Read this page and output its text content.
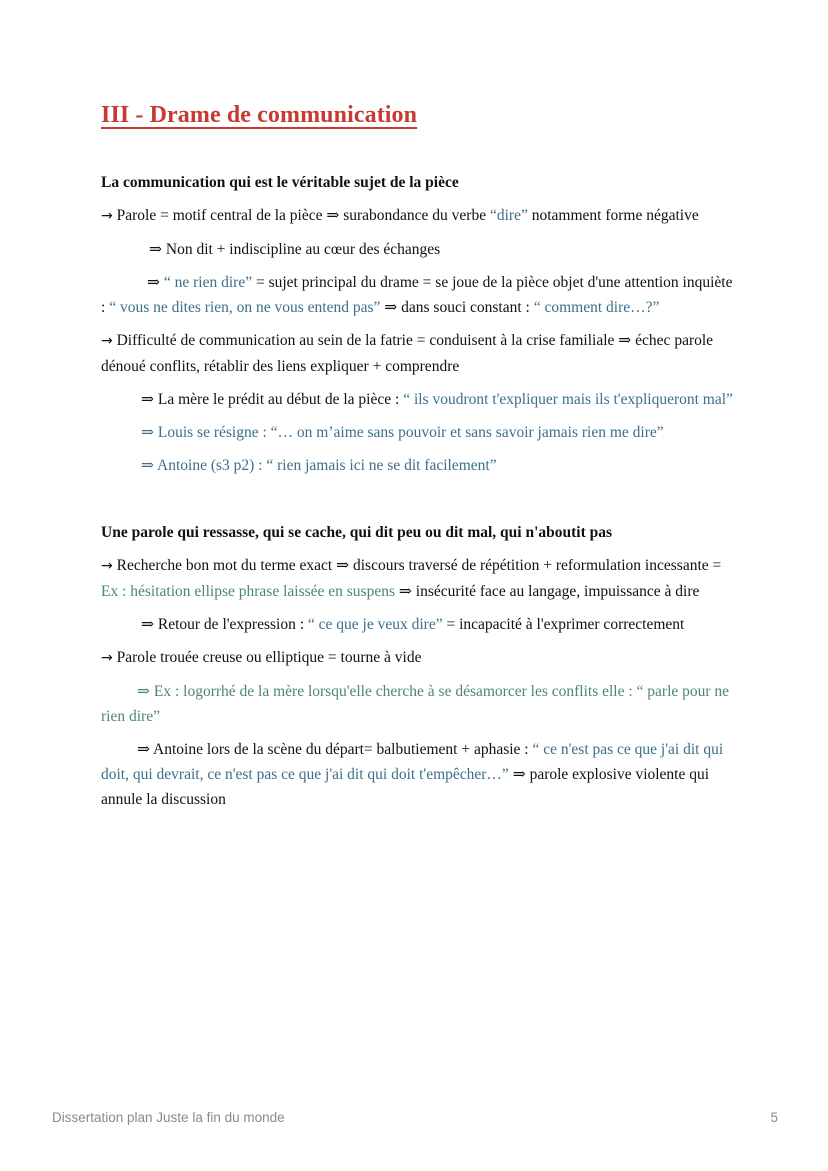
III - Drame de communication
La communication qui est le véritable sujet de la pièce

→ Parole = motif central de la pièce ⇒ surabondance du verbe “dire” notamment forme négative

⇒ Non dit + indiscipline au cœur des échanges

⇒ “ ne rien dire” = sujet principal du drame = se joue de la pièce objet d'une attention inquiète : “ vous ne dites rien, on ne vous entend pas” ⇒ dans souci constant : “ comment dire…?”

→ Difficulté de communication au sein de la fatrie = conduisent à la crise familiale ⇒ échec parole dénoué conflits, rétablir des liens expliquer + comprendre

⇒ La mère le prédit au début de la pièce : “ ils voudront t'expliquer mais ils t'expliqueront mal”

⇒ Louis se résigne : “… on m’aime sans pouvoir et sans savoir jamais rien me dire”

⇒ Antoine (s3 p2) : “ rien jamais ici ne se dit facilement”

Une parole qui ressasse, qui se cache, qui dit peu ou dit mal, qui n'aboutit pas

→ Recherche bon mot du terme exact ⇒ discours traversé de répétition + reformulation incessante = Ex : hésitation ellipse phrase laissée en suspens ⇒ insécurité face au langage, impuissance à dire

⇒ Retour de l'expression : “ ce que je veux dire” = incapacité à l'exprimer correctement

→ Parole trouée creuse ou elliptique = tourne à vide

⇒ Ex : logorrhé de la mère lorsqu'elle cherche à se désamorcer les conflits elle : “ parle pour ne rien dire”

⇒ Antoine lors de la scène du départ= balbutiement + aphasie : “ ce n'est pas ce que j'ai dit qui doit, qui devrait, ce n'est pas ce que j'ai dit qui doit t'empêcher…” ⇒ parole explosive violente qui annule la discussion

Dissertation plan Juste la fin du monde	5
